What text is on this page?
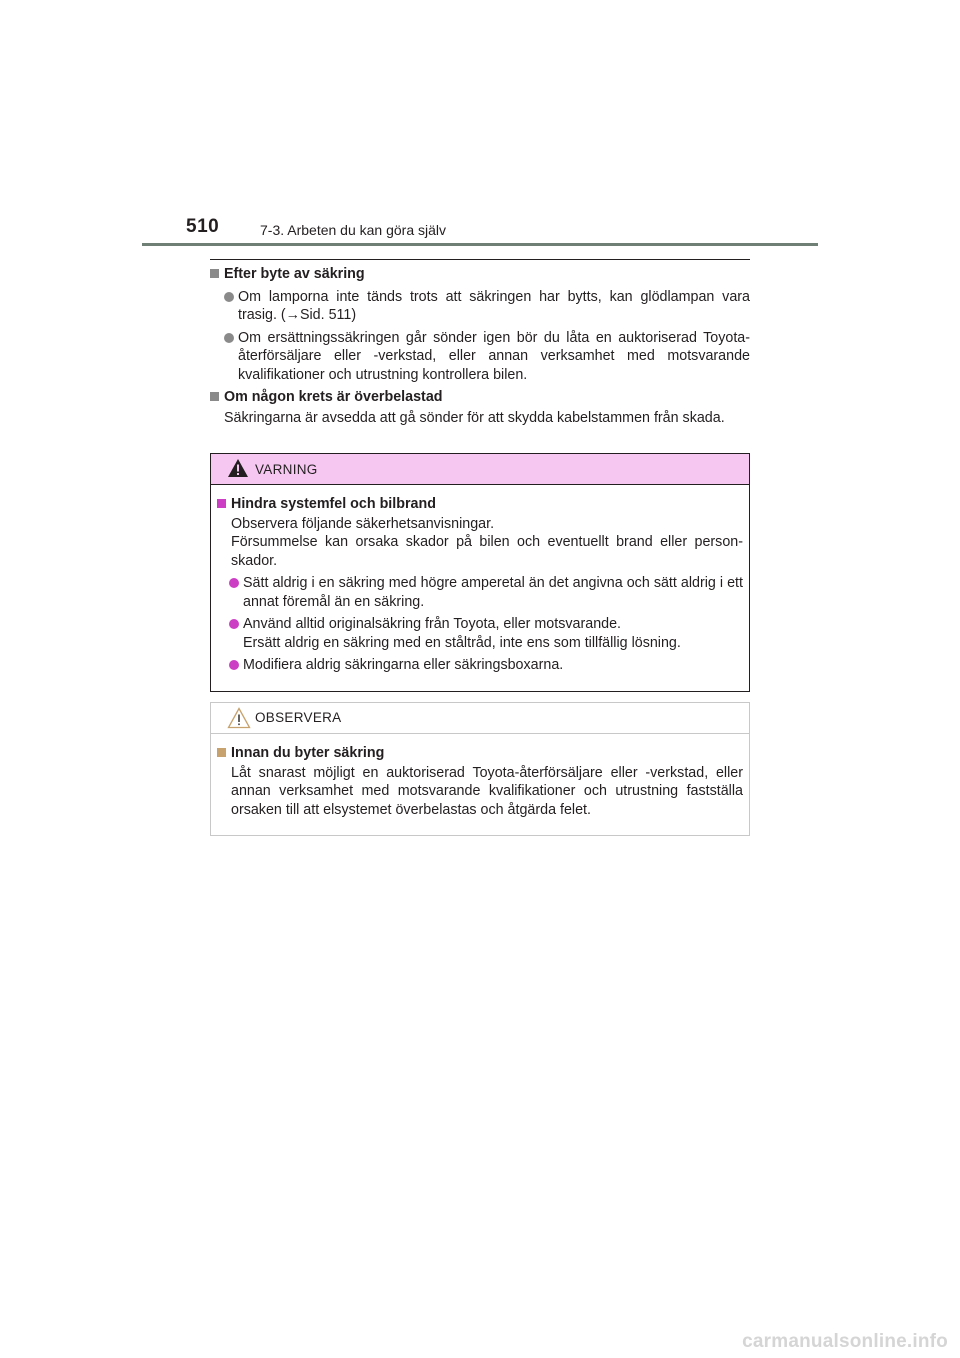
510	7-3. Arbeten du kan göra själv

Efter byte av säkring

Om lamporna inte tänds trots att säkringen har bytts, kan glödlampan vara trasig. (→Sid. 511)

Om ersättningssäkringen går sönder igen bör du låta en auktoriserad Toyota-återförsäljare eller -verkstad, eller annan verksamhet med motsvarande kvalifikationer och utrustning kontrollera bilen.

Om någon krets är överbelastad

Säkringarna är avsedda att gå sönder för att skydda kabelstammen från skada.

VARNING

Hindra systemfel och bilbrand

Observera följande säkerhetsanvisningar.

Försummelse kan orsaka skador på bilen och eventuellt brand eller personskador.

Sätt aldrig i en säkring med högre amperetal än det angivna och sätt aldrig i ett annat föremål än en säkring.

Använd alltid originalsäkring från Toyota, eller motsvarande.
Ersätt aldrig en säkring med en ståltråd, inte ens som tillfällig lösning.

Modifiera aldrig säkringarna eller säkringsboxarna.

OBSERVERA

Innan du byter säkring

Låt snarast möjligt en auktoriserad Toyota-återförsäljare eller -verkstad, eller annan verksamhet med motsvarande kvalifikationer och utrustning fastställa orsaken till att elsystemet överbelastas och åtgärda felet.

carmanualsonline.info
